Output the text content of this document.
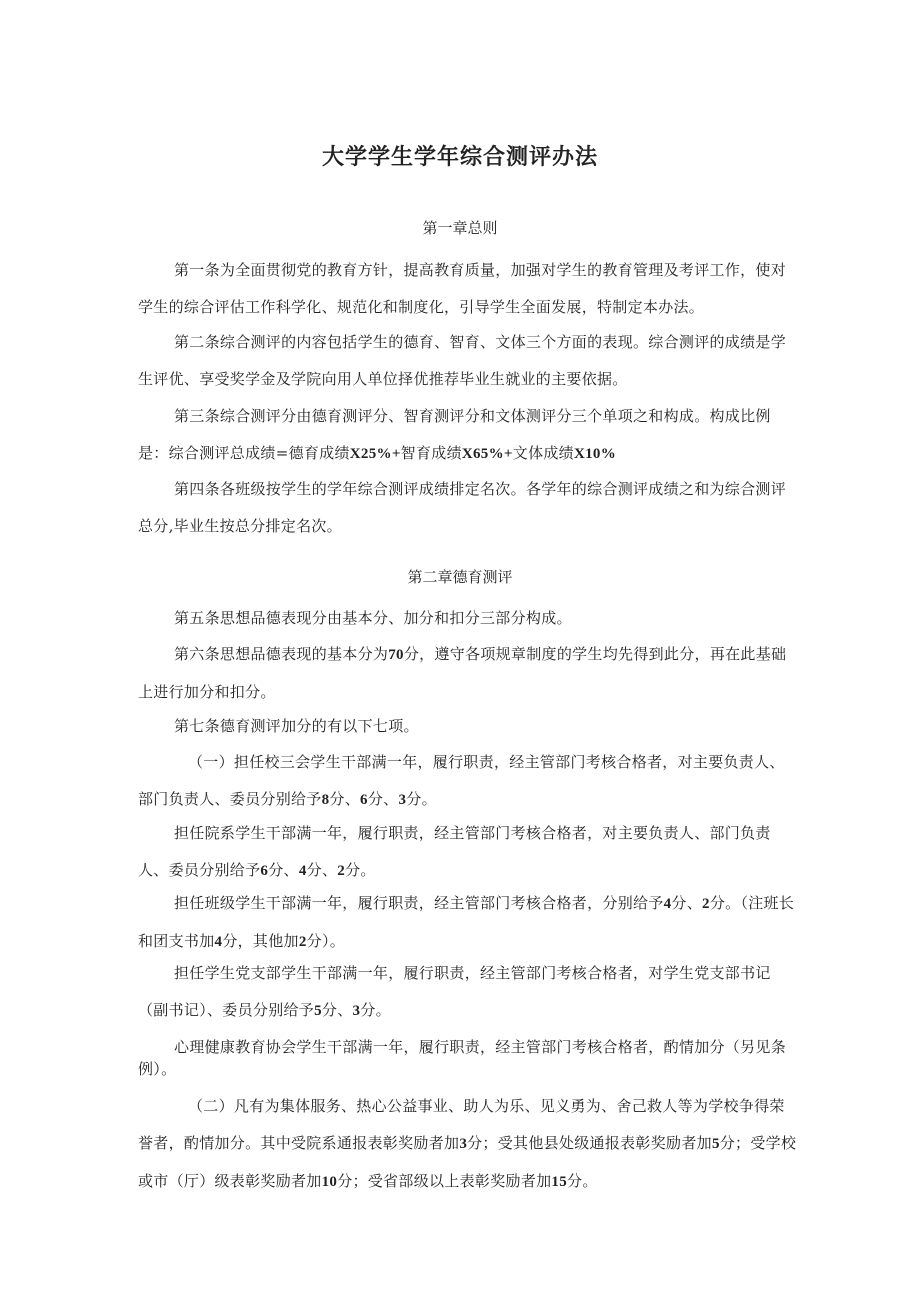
大学学生学年综合测评办法

第一章总则

第一条为全面贯彻党的教育方针，提高教育质量，加强对学生的教育管理及考评工作，使对学生的综合评估工作科学化、规范化和制度化，引导学生全面发展，特制定本办法。

第二条综合测评的内容包括学生的德育、智育、文体三个方面的表现。综合测评的成绩是学生评优、享受奖学金及学院向用人单位择优推荐毕业生就业的主要依据。

第三条综合测评分由德育测评分、智育测评分和文体测评分三个单项之和构成。构成比例是：综合测评总成绩=德育成绩X25%+智育成绩X65%+文体成绩X10%

第四条各班级按学生的学年综合测评成绩排定名次。各学年的综合测评成绩之和为综合测评总分,毕业生按总分排定名次。

第二章德育测评

第五条思想品德表现分由基本分、加分和扣分三部分构成。

第六条思想品德表现的基本分为70分，遵守各项规章制度的学生均先得到此分，再在此基础上进行加分和扣分。

第七条德育测评加分的有以下七项。

（一）担任校三会学生干部满一年，履行职责，经主管部门考核合格者，对主要负责人、部门负责人、委员分别给予8分、6分、3分。

担任院系学生干部满一年，履行职责，经主管部门考核合格者，对主要负责人、部门负责人、委员分别给予6分、4分、2分。

担任班级学生干部满一年，履行职责，经主管部门考核合格者，分别给予4分、2分。（注班长和团支书加4分，其他加2分）。

担任学生党支部学生干部满一年，履行职责，经主管部门考核合格者，对学生党支部书记（副书记）、委员分别给予5分、3分。

心理健康教育协会学生干部满一年，履行职责，经主管部门考核合格者，酌情加分（另见条例）。

（二）凡有为集体服务、热心公益事业、助人为乐、见义勇为、舍己救人等为学校争得荣誉者，酌情加分。其中受院系通报表彰奖励者加3分；受其他县处级通报表彰奖励者加5分；受学校或市（厅）级表彰奖励者加10分；受省部级以上表彰奖励者加15分。
